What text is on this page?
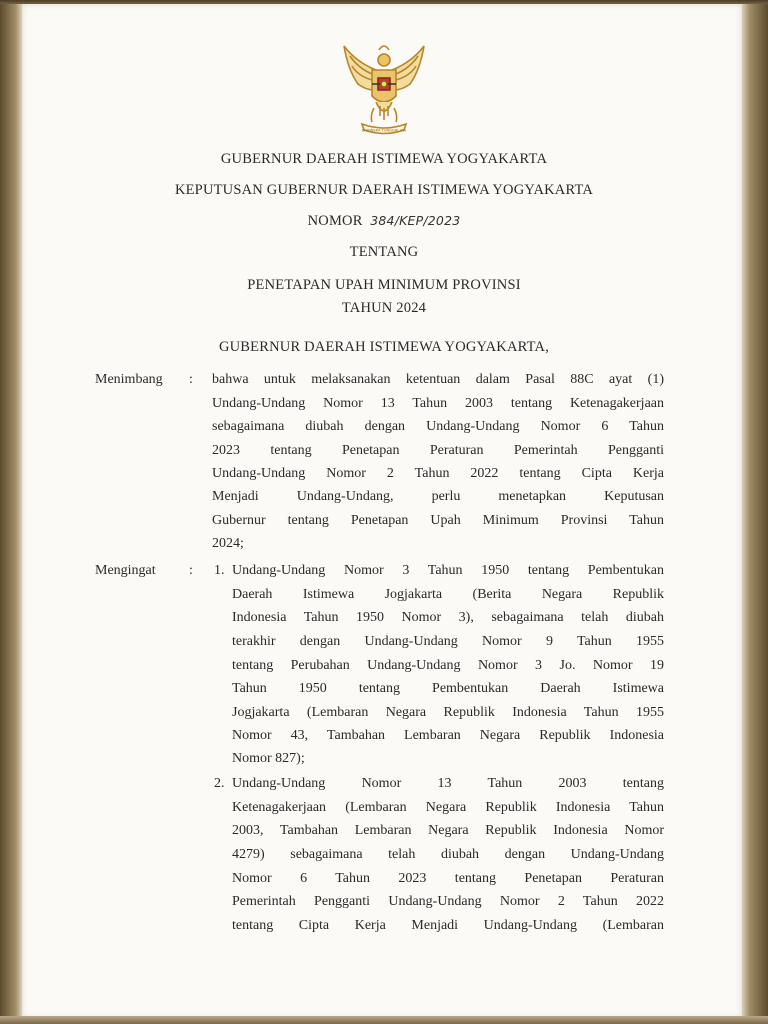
BHINNEKA TUNGGAL IKA
GUBERNUR DAERAH ISTIMEWA YOGYAKARTA
KEPUTUSAN GUBERNUR DAERAH ISTIMEWA YOGYAKARTA
NOMOR 384/KEP/2023
TENTANG
PENETAPAN UPAH MINIMUM PROVINSI
TAHUN 2024
GUBERNUR DAERAH ISTIMEWA YOGYAKARTA,
Menimbang : bahwa untuk melaksanakan ketentuan dalam Pasal 88C ayat (1)
Undang-Undang Nomor 13 Tahun 2003 tentang Ketenagakerjaan
sebagaimana diubah dengan Undang-Undang Nomor 6 Tahun
2023 tentang Penetapan Peraturan Pemerintah Pengganti
Undang-Undang Nomor 2 Tahun 2022 tentang Cipta Kerja
Menjadi Undang-Undang, perlu menetapkan Keputusan
Gubernur tentang Penetapan Upah Minimum Provinsi Tahun
2024;
Mengingat : 1. Undang-Undang Nomor 3 Tahun 1950 tentang Pembentukan
Daerah Istimewa Jogjakarta (Berita Negara Republik
Indonesia Tahun 1950 Nomor 3), sebagaimana telah diubah
terakhir dengan Undang-Undang Nomor 9 Tahun 1955
tentang Perubahan Undang-Undang Nomor 3 Jo. Nomor 19
Tahun 1950 tentang Pembentukan Daerah Istimewa
Jogjakarta (Lembaran Negara Republik Indonesia Tahun 1955
Nomor 43, Tambahan Lembaran Negara Republik Indonesia
Nomor 827);
2. Undang-Undang Nomor 13 Tahun 2003 tentang
Ketenagakerjaan (Lembaran Negara Republik Indonesia Tahun
2003, Tambahan Lembaran Negara Republik Indonesia Nomor
4279) sebagaimana telah diubah dengan Undang-Undang
Nomor 6 Tahun 2023 tentang Penetapan Peraturan
Pemerintah Pengganti Undang-Undang Nomor 2 Tahun 2022
tentang Cipta Kerja Menjadi Undang-Undang (Lembaran
